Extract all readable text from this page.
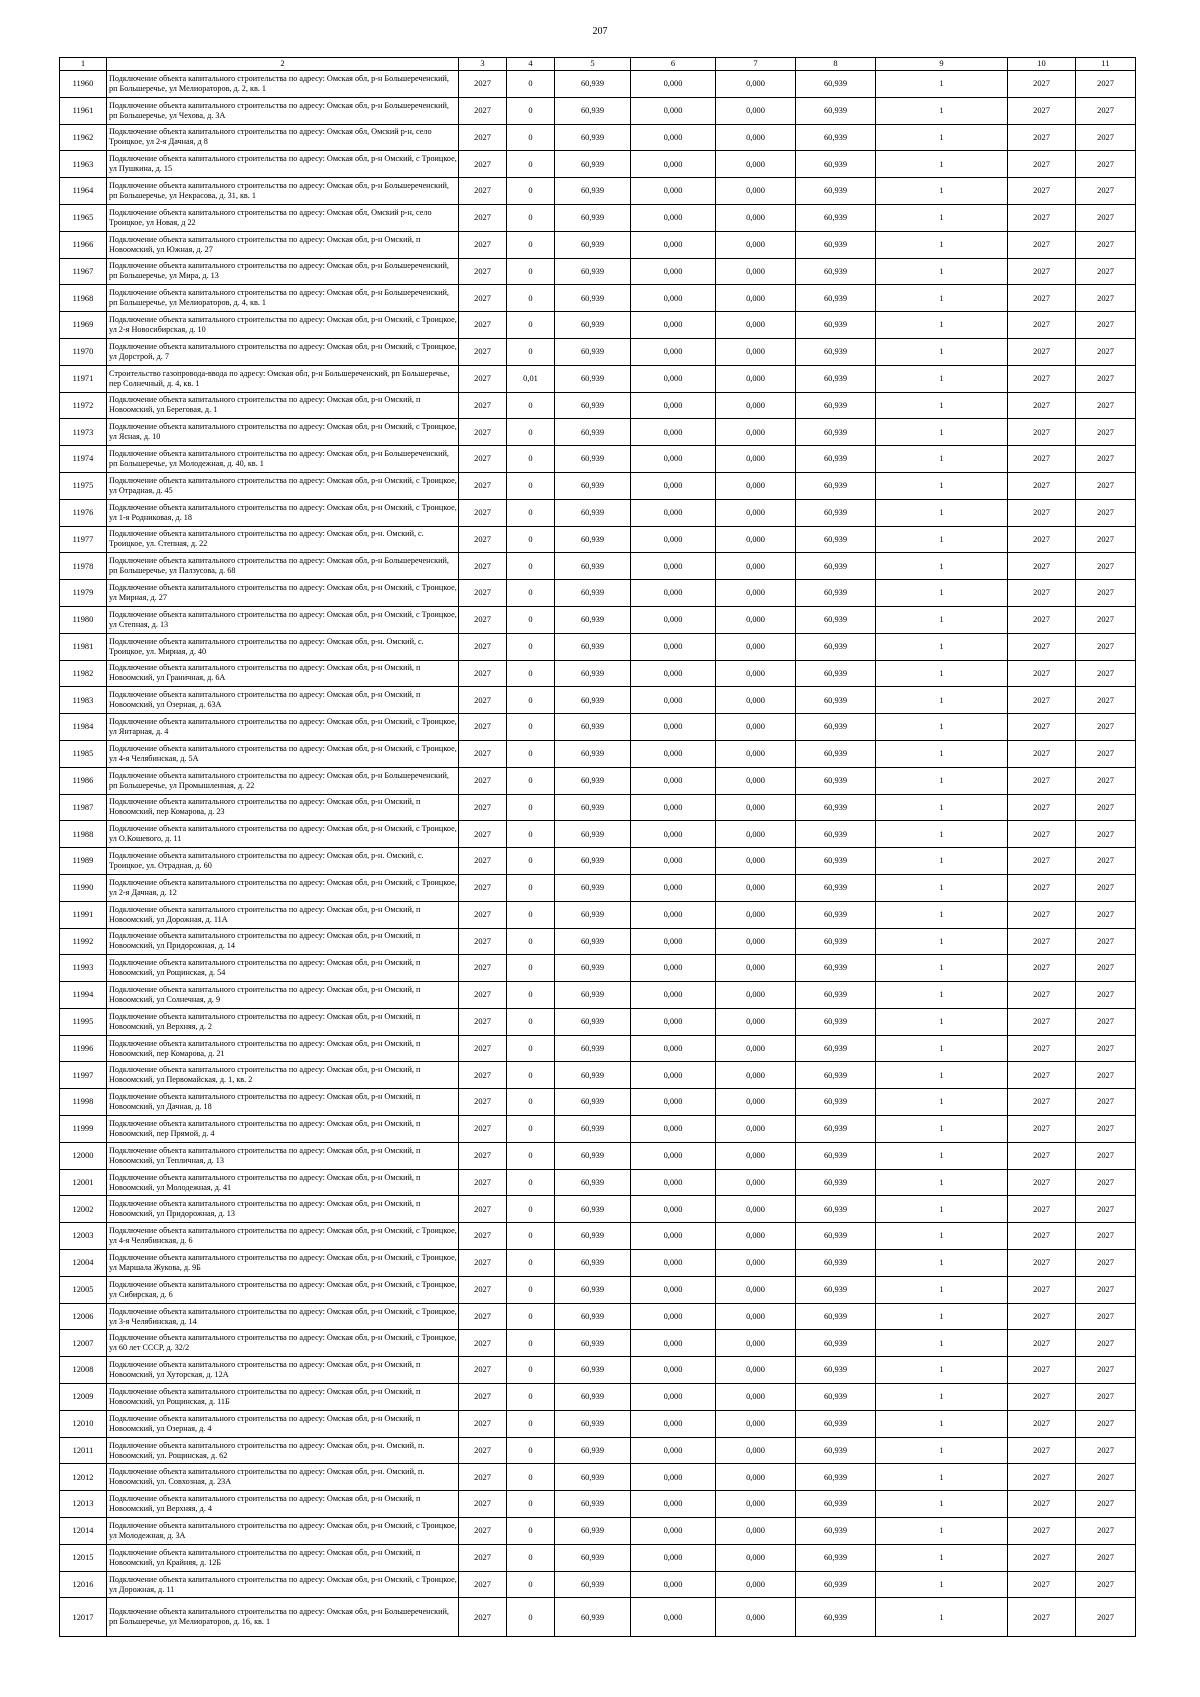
207
1	2	3	4	5	6	7	8	9	10	11
11960	Подключение объекта капитального строительства по адресу: Омская обл, р-н Большереченский, рп Большеречье, ул Мелиораторов, д. 2, кв. 1	2027	0	60,939	0,000	0,000	60,939	1	2027	2027
11961	Подключение объекта капитального строительства по адресу: Омская обл, р-н Большереченский, рп Большеречье, ул Чехова, д. 3А	2027	0	60,939	0,000	0,000	60,939	1	2027	2027
11962	Подключение объекта капитального строительства по адресу: Омская обл, Омский р-н, село Троицкое, ул 2-я Дачная, д 8	2027	0	60,939	0,000	0,000	60,939	1	2027	2027
11963	Подключение объекта капитального строительства по адресу: Омская обл, р-н Омский, с Троицкое, ул Пушкина, д. 15	2027	0	60,939	0,000	0,000	60,939	1	2027	2027
11964	Подключение объекта капитального строительства по адресу: Омская обл, р-н Большереченский, рп Большеречье, ул Некрасова, д. 31, кв. 1	2027	0	60,939	0,000	0,000	60,939	1	2027	2027
11965	Подключение объекта капитального строительства по адресу: Омская обл, Омский р-н, село Троицкое, ул Новая, д 22	2027	0	60,939	0,000	0,000	60,939	1	2027	2027
11966	Подключение объекта капитального строительства по адресу: Омская обл, р-н Омский, п Новоомский, ул Южная, д. 27	2027	0	60,939	0,000	0,000	60,939	1	2027	2027
11967	Подключение объекта капитального строительства по адресу: Омская обл, р-н Большереченский, рп Большеречье, ул Мира, д. 13	2027	0	60,939	0,000	0,000	60,939	1	2027	2027
11968	Подключение объекта капитального строительства по адресу: Омская обл, р-н Большереченский, рп Большеречье, ул Мелиораторов, д. 4, кв. 1	2027	0	60,939	0,000	0,000	60,939	1	2027	2027
11969	Подключение объекта капитального строительства по адресу: Омская обл, р-н Омский, с Троицкое, ул 2-я Новосибирская, д. 10	2027	0	60,939	0,000	0,000	60,939	1	2027	2027
11970	Подключение объекта капитального строительства по адресу: Омская обл, р-н Омский, с Троицкое, ул Дорстрой, д. 7	2027	0	60,939	0,000	0,000	60,939	1	2027	2027
11971	Строительство газопровода-ввода по адресу: Омская обл, р-н Большереченский, рп Большеречье, пер Солнечный, д. 4, кв. 1	2027	0,01	60,939	0,000	0,000	60,939	1	2027	2027
11972	Подключение объекта капитального строительства по адресу: Омская обл, р-н Омский, п Новоомский, ул Береговая, д. 1	2027	0	60,939	0,000	0,000	60,939	1	2027	2027
11973	Подключение объекта капитального строительства по адресу: Омская обл, р-н Омский, с Троицкое, ул Ясная, д. 10	2027	0	60,939	0,000	0,000	60,939	1	2027	2027
11974	Подключение объекта капитального строительства по адресу: Омская обл, р-н Большереченский, рп Большеречье, ул Молодежная, д. 40, кв. 1	2027	0	60,939	0,000	0,000	60,939	1	2027	2027
11975	Подключение объекта капитального строительства по адресу: Омская обл, р-н Омский, с Троицкое, ул Отрадная, д. 45	2027	0	60,939	0,000	0,000	60,939	1	2027	2027
11976	Подключение объекта капитального строительства по адресу: Омская обл, р-н Омский, с Троицкое, ул 1-я Родниковая, д. 18	2027	0	60,939	0,000	0,000	60,939	1	2027	2027
11977	Подключение объекта капитального строительства по адресу: Омская обл, р-н. Омский, с. Троицкое, ул. Степная, д. 22	2027	0	60,939	0,000	0,000	60,939	1	2027	2027
11978	Подключение объекта капитального строительства по адресу: Омская обл, р-н Большереченский, рп Большеречье, ул Палзусова, д. 68	2027	0	60,939	0,000	0,000	60,939	1	2027	2027
11979	Подключение объекта капитального строительства по адресу: Омская обл, р-н Омский, с Троицкое, ул Мирная, д. 27	2027	0	60,939	0,000	0,000	60,939	1	2027	2027
11980	Подключение объекта капитального строительства по адресу: Омская обл, р-н Омский, с Троицкое, ул Степная, д. 13	2027	0	60,939	0,000	0,000	60,939	1	2027	2027
11981	Подключение объекта капитального строительства по адресу: Омская обл, р-н. Омский, с. Троицкое, ул. Мирная, д. 40	2027	0	60,939	0,000	0,000	60,939	1	2027	2027
11982	Подключение объекта капитального строительства по адресу: Омская обл, р-н Омский, п Новоомский, ул Граничная, д. 6А	2027	0	60,939	0,000	0,000	60,939	1	2027	2027
11983	Подключение объекта капитального строительства по адресу: Омская обл, р-н Омский, п Новоомский, ул Озерная, д. 63А	2027	0	60,939	0,000	0,000	60,939	1	2027	2027
11984	Подключение объекта капитального строительства по адресу: Омская обл, р-н Омский, с Троицкое, ул Янтарная, д. 4	2027	0	60,939	0,000	0,000	60,939	1	2027	2027
11985	Подключение объекта капитального строительства по адресу: Омская обл, р-н Омский, с Троицкое, ул 4-я Челябинская, д. 5А	2027	0	60,939	0,000	0,000	60,939	1	2027	2027
11986	Подключение объекта капитального строительства по адресу: Омская обл, р-н Большереченский, рп Большеречье, ул Промышленная, д. 22	2027	0	60,939	0,000	0,000	60,939	1	2027	2027
11987	Подключение объекта капитального строительства по адресу: Омская обл, р-н Омский, п Новоомский, пер Комарова, д. 23	2027	0	60,939	0,000	0,000	60,939	1	2027	2027
11988	Подключение объекта капитального строительства по адресу: Омская обл, р-н Омский, с Троицкое, ул О.Кошевого, д. 11	2027	0	60,939	0,000	0,000	60,939	1	2027	2027
11989	Подключение объекта капитального строительства по адресу: Омская обл, р-н. Омский, с. Троицкое, ул. Отрадная, д. 60	2027	0	60,939	0,000	0,000	60,939	1	2027	2027
11990	Подключение объекта капитального строительства по адресу: Омская обл, р-н Омский, с Троицкое, ул 2-я Дачная, д. 12	2027	0	60,939	0,000	0,000	60,939	1	2027	2027
11991	Подключение объекта капитального строительства по адресу: Омская обл, р-н Омский, п Новоомский, ул Дорожная, д. 11А	2027	0	60,939	0,000	0,000	60,939	1	2027	2027
11992	Подключение объекта капитального строительства по адресу: Омская обл, р-н Омский, п Новоомский, ул Придорожная, д. 14	2027	0	60,939	0,000	0,000	60,939	1	2027	2027
11993	Подключение объекта капитального строительства по адресу: Омская обл, р-н Омский, п Новоомский, ул Рощинская, д. 54	2027	0	60,939	0,000	0,000	60,939	1	2027	2027
11994	Подключение объекта капитального строительства по адресу: Омская обл, р-н Омский, п Новоомский, ул Солнечная, д. 9	2027	0	60,939	0,000	0,000	60,939	1	2027	2027
11995	Подключение объекта капитального строительства по адресу: Омская обл, р-н Омский, п Новоомский, ул Верхняя, д. 2	2027	0	60,939	0,000	0,000	60,939	1	2027	2027
11996	Подключение объекта капитального строительства по адресу: Омская обл, р-н Омский, п Новоомский, пер Комарова, д. 21	2027	0	60,939	0,000	0,000	60,939	1	2027	2027
11997	Подключение объекта капитального строительства по адресу: Омская обл, р-н Омский, п Новоомский, ул Первомайская, д. 1, кв. 2	2027	0	60,939	0,000	0,000	60,939	1	2027	2027
11998	Подключение объекта капитального строительства по адресу: Омская обл, р-н Омский, п Новоомский, ул Дачная, д. 18	2027	0	60,939	0,000	0,000	60,939	1	2027	2027
11999	Подключение объекта капитального строительства по адресу: Омская обл, р-н Омский, п Новоомский, пер Прямой, д. 4	2027	0	60,939	0,000	0,000	60,939	1	2027	2027
12000	Подключение объекта капитального строительства по адресу: Омская обл, р-н Омский, п Новоомский, ул Тепличная, д. 13	2027	0	60,939	0,000	0,000	60,939	1	2027	2027
12001	Подключение объекта капитального строительства по адресу: Омская обл, р-н Омский, п Новоомский, ул Молодежная, д. 41	2027	0	60,939	0,000	0,000	60,939	1	2027	2027
12002	Подключение объекта капитального строительства по адресу: Омская обл, р-н Омский, п Новоомский, ул Придорожная, д. 13	2027	0	60,939	0,000	0,000	60,939	1	2027	2027
12003	Подключение объекта капитального строительства по адресу: Омская обл, р-н Омский, с Троицкое, ул 4-я Челябинская, д. 6	2027	0	60,939	0,000	0,000	60,939	1	2027	2027
12004	Подключение объекта капитального строительства по адресу: Омская обл, р-н Омский, с Троицкое, ул Маршала Жукова, д. 9Б	2027	0	60,939	0,000	0,000	60,939	1	2027	2027
12005	Подключение объекта капитального строительства по адресу: Омская обл, р-н Омский, с Троицкое, ул Сибирская, д. 6	2027	0	60,939	0,000	0,000	60,939	1	2027	2027
12006	Подключение объекта капитального строительства по адресу: Омская обл, р-н Омский, с Троицкое, ул 3-я Челябинская, д. 14	2027	0	60,939	0,000	0,000	60,939	1	2027	2027
12007	Подключение объекта капитального строительства по адресу: Омская обл, р-н Омский, с Троицкое, ул 60 лет СССР, д. 32/2	2027	0	60,939	0,000	0,000	60,939	1	2027	2027
12008	Подключение объекта капитального строительства по адресу: Омская обл, р-н Омский, п Новоомский, ул Хуторская, д. 12А	2027	0	60,939	0,000	0,000	60,939	1	2027	2027
12009	Подключение объекта капитального строительства по адресу: Омская обл, р-н Омский, п Новоомский, ул Рощинская, д. 11Б	2027	0	60,939	0,000	0,000	60,939	1	2027	2027
12010	Подключение объекта капитального строительства по адресу: Омская обл, р-н Омский, п Новоомский, ул Озерная, д. 4	2027	0	60,939	0,000	0,000	60,939	1	2027	2027
12011	Подключение объекта капитального строительства по адресу: Омская обл, р-н. Омский, п. Новоомский, ул. Рощинская, д. 62	2027	0	60,939	0,000	0,000	60,939	1	2027	2027
12012	Подключение объекта капитального строительства по адресу: Омская обл, р-н. Омский, п. Новоомский, ул. Совхозная, д. 23А	2027	0	60,939	0,000	0,000	60,939	1	2027	2027
12013	Подключение объекта капитального строительства по адресу: Омская обл, р-н Омский, п Новоомский, ул Верхняя, д. 4	2027	0	60,939	0,000	0,000	60,939	1	2027	2027
12014	Подключение объекта капитального строительства по адресу: Омская обл, р-н Омский, с Троицкое, ул Молодежная, д. 3А	2027	0	60,939	0,000	0,000	60,939	1	2027	2027
12015	Подключение объекта капитального строительства по адресу: Омская обл, р-н Омский, п Новоомский, ул Крайняя, д. 12Б	2027	0	60,939	0,000	0,000	60,939	1	2027	2027
12016	Подключение объекта капитального строительства по адресу: Омская обл, р-н Омский, с Троицкое, ул Дорожная, д. 11	2027	0	60,939	0,000	0,000	60,939	1	2027	2027
12017	Подключение объекта капитального строительства по адресу: Омская обл, р-н Большереченский, рп Большеречье, ул Мелиораторов, д. 16, кв. 1	2027	0	60,939	0,000	0,000	60,939	1	2027	2027
